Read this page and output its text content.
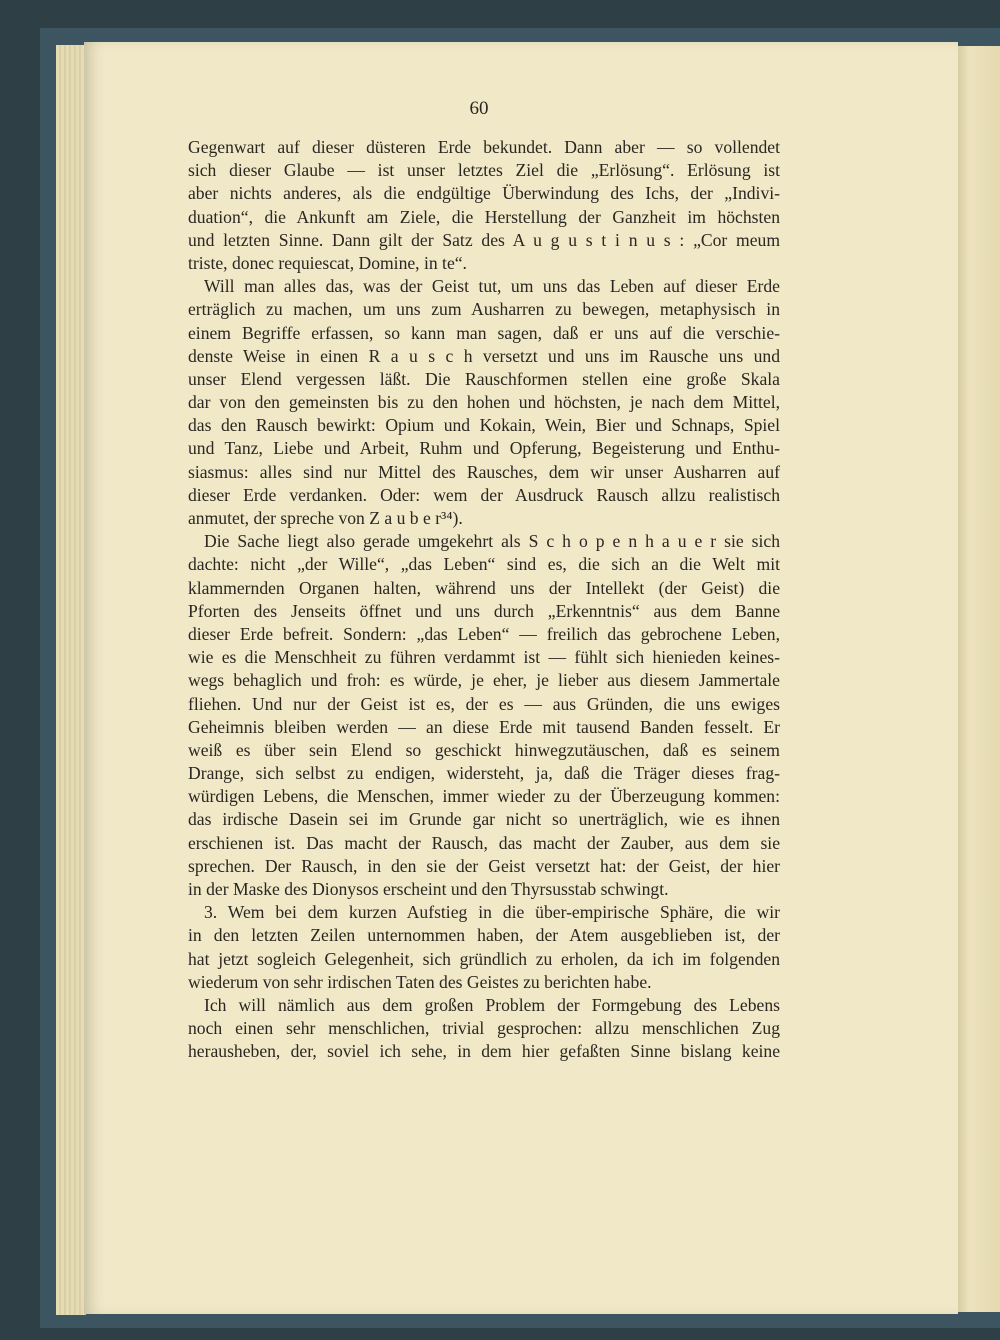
60
Gegenwart auf dieser düsteren Erde bekundet. Dann aber — so vollendet
sich dieser Glaube — ist unser letztes Ziel die „Erlösung“. Erlösung ist
aber nichts anderes, als die endgültige Überwindung des Ichs, der „Indivi-
duation“, die Ankunft am Ziele, die Herstellung der Ganzheit im höchsten
und letzten Sinne. Dann gilt der Satz des A u g u s t i n u s : „Cor meum
triste, donec requiescat, Domine, in te“.
Will man alles das, was der Geist tut, um uns das Leben auf dieser Erde
erträglich zu machen, um uns zum Ausharren zu bewegen, metaphysisch in
einem Begriffe erfassen, so kann man sagen, daß er uns auf die verschie-
denste Weise in einen R a u s c h versetzt und uns im Rausche uns und
unser Elend vergessen läßt. Die Rauschformen stellen eine große Skala
dar von den gemeinsten bis zu den hohen und höchsten, je nach dem Mittel,
das den Rausch bewirkt: Opium und Kokain, Wein, Bier und Schnaps, Spiel
und Tanz, Liebe und Arbeit, Ruhm und Opferung, Begeisterung und Enthu-
siasmus: alles sind nur Mittel des Rausches, dem wir unser Ausharren auf
dieser Erde verdanken. Oder: wem der Ausdruck Rausch allzu realistisch
anmutet, der spreche von Z a u b e r³⁴).
Die Sache liegt also gerade umgekehrt als S c h o p e n h a u e r sie sich
dachte: nicht „der Wille“, „das Leben“ sind es, die sich an die Welt mit
klammernden Organen halten, während uns der Intellekt (der Geist) die
Pforten des Jenseits öffnet und uns durch „Erkenntnis“ aus dem Banne
dieser Erde befreit. Sondern: „das Leben“ — freilich das gebrochene Leben,
wie es die Menschheit zu führen verdammt ist — fühlt sich hienieden keines-
wegs behaglich und froh: es würde, je eher, je lieber aus diesem Jammertale
fliehen. Und nur der Geist ist es, der es — aus Gründen, die uns ewiges
Geheimnis bleiben werden — an diese Erde mit tausend Banden fesselt. Er
weiß es über sein Elend so geschickt hinwegzutäuschen, daß es seinem
Drange, sich selbst zu endigen, widersteht, ja, daß die Träger dieses frag-
würdigen Lebens, die Menschen, immer wieder zu der Überzeugung kommen:
das irdische Dasein sei im Grunde gar nicht so unerträglich, wie es ihnen
erschienen ist. Das macht der Rausch, das macht der Zauber, aus dem sie
sprechen. Der Rausch, in den sie der Geist versetzt hat: der Geist, der hier
in der Maske des Dionysos erscheint und den Thyrsusstab schwingt.
3. Wem bei dem kurzen Aufstieg in die über-empirische Sphäre, die wir
in den letzten Zeilen unternommen haben, der Atem ausgeblieben ist, der
hat jetzt sogleich Gelegenheit, sich gründlich zu erholen, da ich im folgenden
wiederum von sehr irdischen Taten des Geistes zu berichten habe.
Ich will nämlich aus dem großen Problem der Formgebung des Lebens
noch einen sehr menschlichen, trivial gesprochen: allzu menschlichen Zug
herausheben, der, soviel ich sehe, in dem hier gefaßten Sinne bislang keine
